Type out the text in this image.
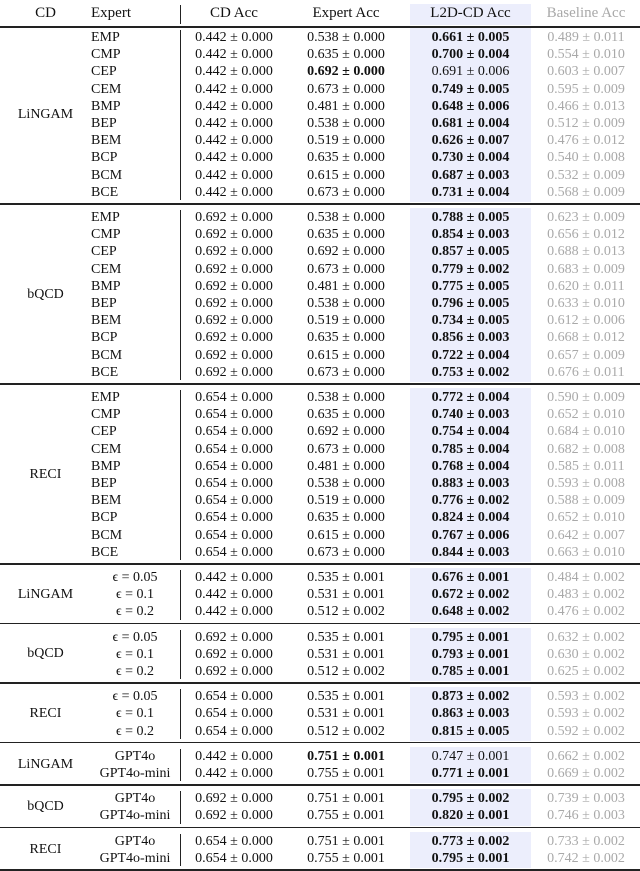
CD	Expert	CD Acc	Expert Acc	L2D-CD Acc	Baseline Acc
LiNGAM
EMP	0.442 ± 0.000	0.538 ± 0.000	0.661 ± 0.005	0.489 ± 0.011
CMP	0.442 ± 0.000	0.635 ± 0.000	0.700 ± 0.004	0.554 ± 0.010
CEP	0.442 ± 0.000	0.692 ± 0.000	0.691 ± 0.006	0.603 ± 0.007
CEM	0.442 ± 0.000	0.673 ± 0.000	0.749 ± 0.005	0.595 ± 0.009
BMP	0.442 ± 0.000	0.481 ± 0.000	0.648 ± 0.006	0.466 ± 0.013
BEP	0.442 ± 0.000	0.538 ± 0.000	0.681 ± 0.004	0.512 ± 0.009
BEM	0.442 ± 0.000	0.519 ± 0.000	0.626 ± 0.007	0.476 ± 0.012
BCP	0.442 ± 0.000	0.635 ± 0.000	0.730 ± 0.004	0.540 ± 0.008
BCM	0.442 ± 0.000	0.615 ± 0.000	0.687 ± 0.003	0.532 ± 0.009
BCE	0.442 ± 0.000	0.673 ± 0.000	0.731 ± 0.004	0.568 ± 0.009
bQCD
EMP	0.692 ± 0.000	0.538 ± 0.000	0.788 ± 0.005	0.623 ± 0.009
CMP	0.692 ± 0.000	0.635 ± 0.000	0.854 ± 0.003	0.656 ± 0.012
CEP	0.692 ± 0.000	0.692 ± 0.000	0.857 ± 0.005	0.688 ± 0.013
CEM	0.692 ± 0.000	0.673 ± 0.000	0.779 ± 0.002	0.683 ± 0.009
BMP	0.692 ± 0.000	0.481 ± 0.000	0.775 ± 0.005	0.620 ± 0.011
BEP	0.692 ± 0.000	0.538 ± 0.000	0.796 ± 0.005	0.633 ± 0.010
BEM	0.692 ± 0.000	0.519 ± 0.000	0.734 ± 0.005	0.612 ± 0.006
BCP	0.692 ± 0.000	0.635 ± 0.000	0.856 ± 0.003	0.668 ± 0.012
BCM	0.692 ± 0.000	0.615 ± 0.000	0.722 ± 0.004	0.657 ± 0.009
BCE	0.692 ± 0.000	0.673 ± 0.000	0.753 ± 0.002	0.676 ± 0.011
RECI
EMP	0.654 ± 0.000	0.538 ± 0.000	0.772 ± 0.004	0.590 ± 0.009
CMP	0.654 ± 0.000	0.635 ± 0.000	0.740 ± 0.003	0.652 ± 0.010
CEP	0.654 ± 0.000	0.692 ± 0.000	0.754 ± 0.004	0.684 ± 0.010
CEM	0.654 ± 0.000	0.673 ± 0.000	0.785 ± 0.004	0.682 ± 0.008
BMP	0.654 ± 0.000	0.481 ± 0.000	0.768 ± 0.004	0.585 ± 0.011
BEP	0.654 ± 0.000	0.538 ± 0.000	0.883 ± 0.003	0.593 ± 0.008
BEM	0.654 ± 0.000	0.519 ± 0.000	0.776 ± 0.002	0.588 ± 0.009
BCP	0.654 ± 0.000	0.635 ± 0.000	0.824 ± 0.004	0.652 ± 0.010
BCM	0.654 ± 0.000	0.615 ± 0.000	0.767 ± 0.006	0.642 ± 0.007
BCE	0.654 ± 0.000	0.673 ± 0.000	0.844 ± 0.003	0.663 ± 0.010
LiNGAM
ϵ = 0.05	0.442 ± 0.000	0.535 ± 0.001	0.676 ± 0.001	0.484 ± 0.002
ϵ = 0.1	0.442 ± 0.000	0.531 ± 0.001	0.672 ± 0.002	0.483 ± 0.002
ϵ = 0.2	0.442 ± 0.000	0.512 ± 0.002	0.648 ± 0.002	0.476 ± 0.002
bQCD
ϵ = 0.05	0.692 ± 0.000	0.535 ± 0.001	0.795 ± 0.001	0.632 ± 0.002
ϵ = 0.1	0.692 ± 0.000	0.531 ± 0.001	0.793 ± 0.001	0.630 ± 0.002
ϵ = 0.2	0.692 ± 0.000	0.512 ± 0.002	0.785 ± 0.001	0.625 ± 0.002
RECI
ϵ = 0.05	0.654 ± 0.000	0.535 ± 0.001	0.873 ± 0.002	0.593 ± 0.002
ϵ = 0.1	0.654 ± 0.000	0.531 ± 0.001	0.863 ± 0.003	0.593 ± 0.002
ϵ = 0.2	0.654 ± 0.000	0.512 ± 0.002	0.815 ± 0.005	0.592 ± 0.002
LiNGAM
GPT4o	0.442 ± 0.000	0.751 ± 0.001	0.747 ± 0.001	0.662 ± 0.002
GPT4o-mini	0.442 ± 0.000	0.755 ± 0.001	0.771 ± 0.001	0.669 ± 0.002
bQCD
GPT4o	0.692 ± 0.000	0.751 ± 0.001	0.795 ± 0.002	0.739 ± 0.003
GPT4o-mini	0.692 ± 0.000	0.755 ± 0.001	0.820 ± 0.001	0.746 ± 0.003
RECI
GPT4o	0.654 ± 0.000	0.751 ± 0.001	0.773 ± 0.002	0.733 ± 0.002
GPT4o-mini	0.654 ± 0.000	0.755 ± 0.001	0.795 ± 0.001	0.742 ± 0.002
